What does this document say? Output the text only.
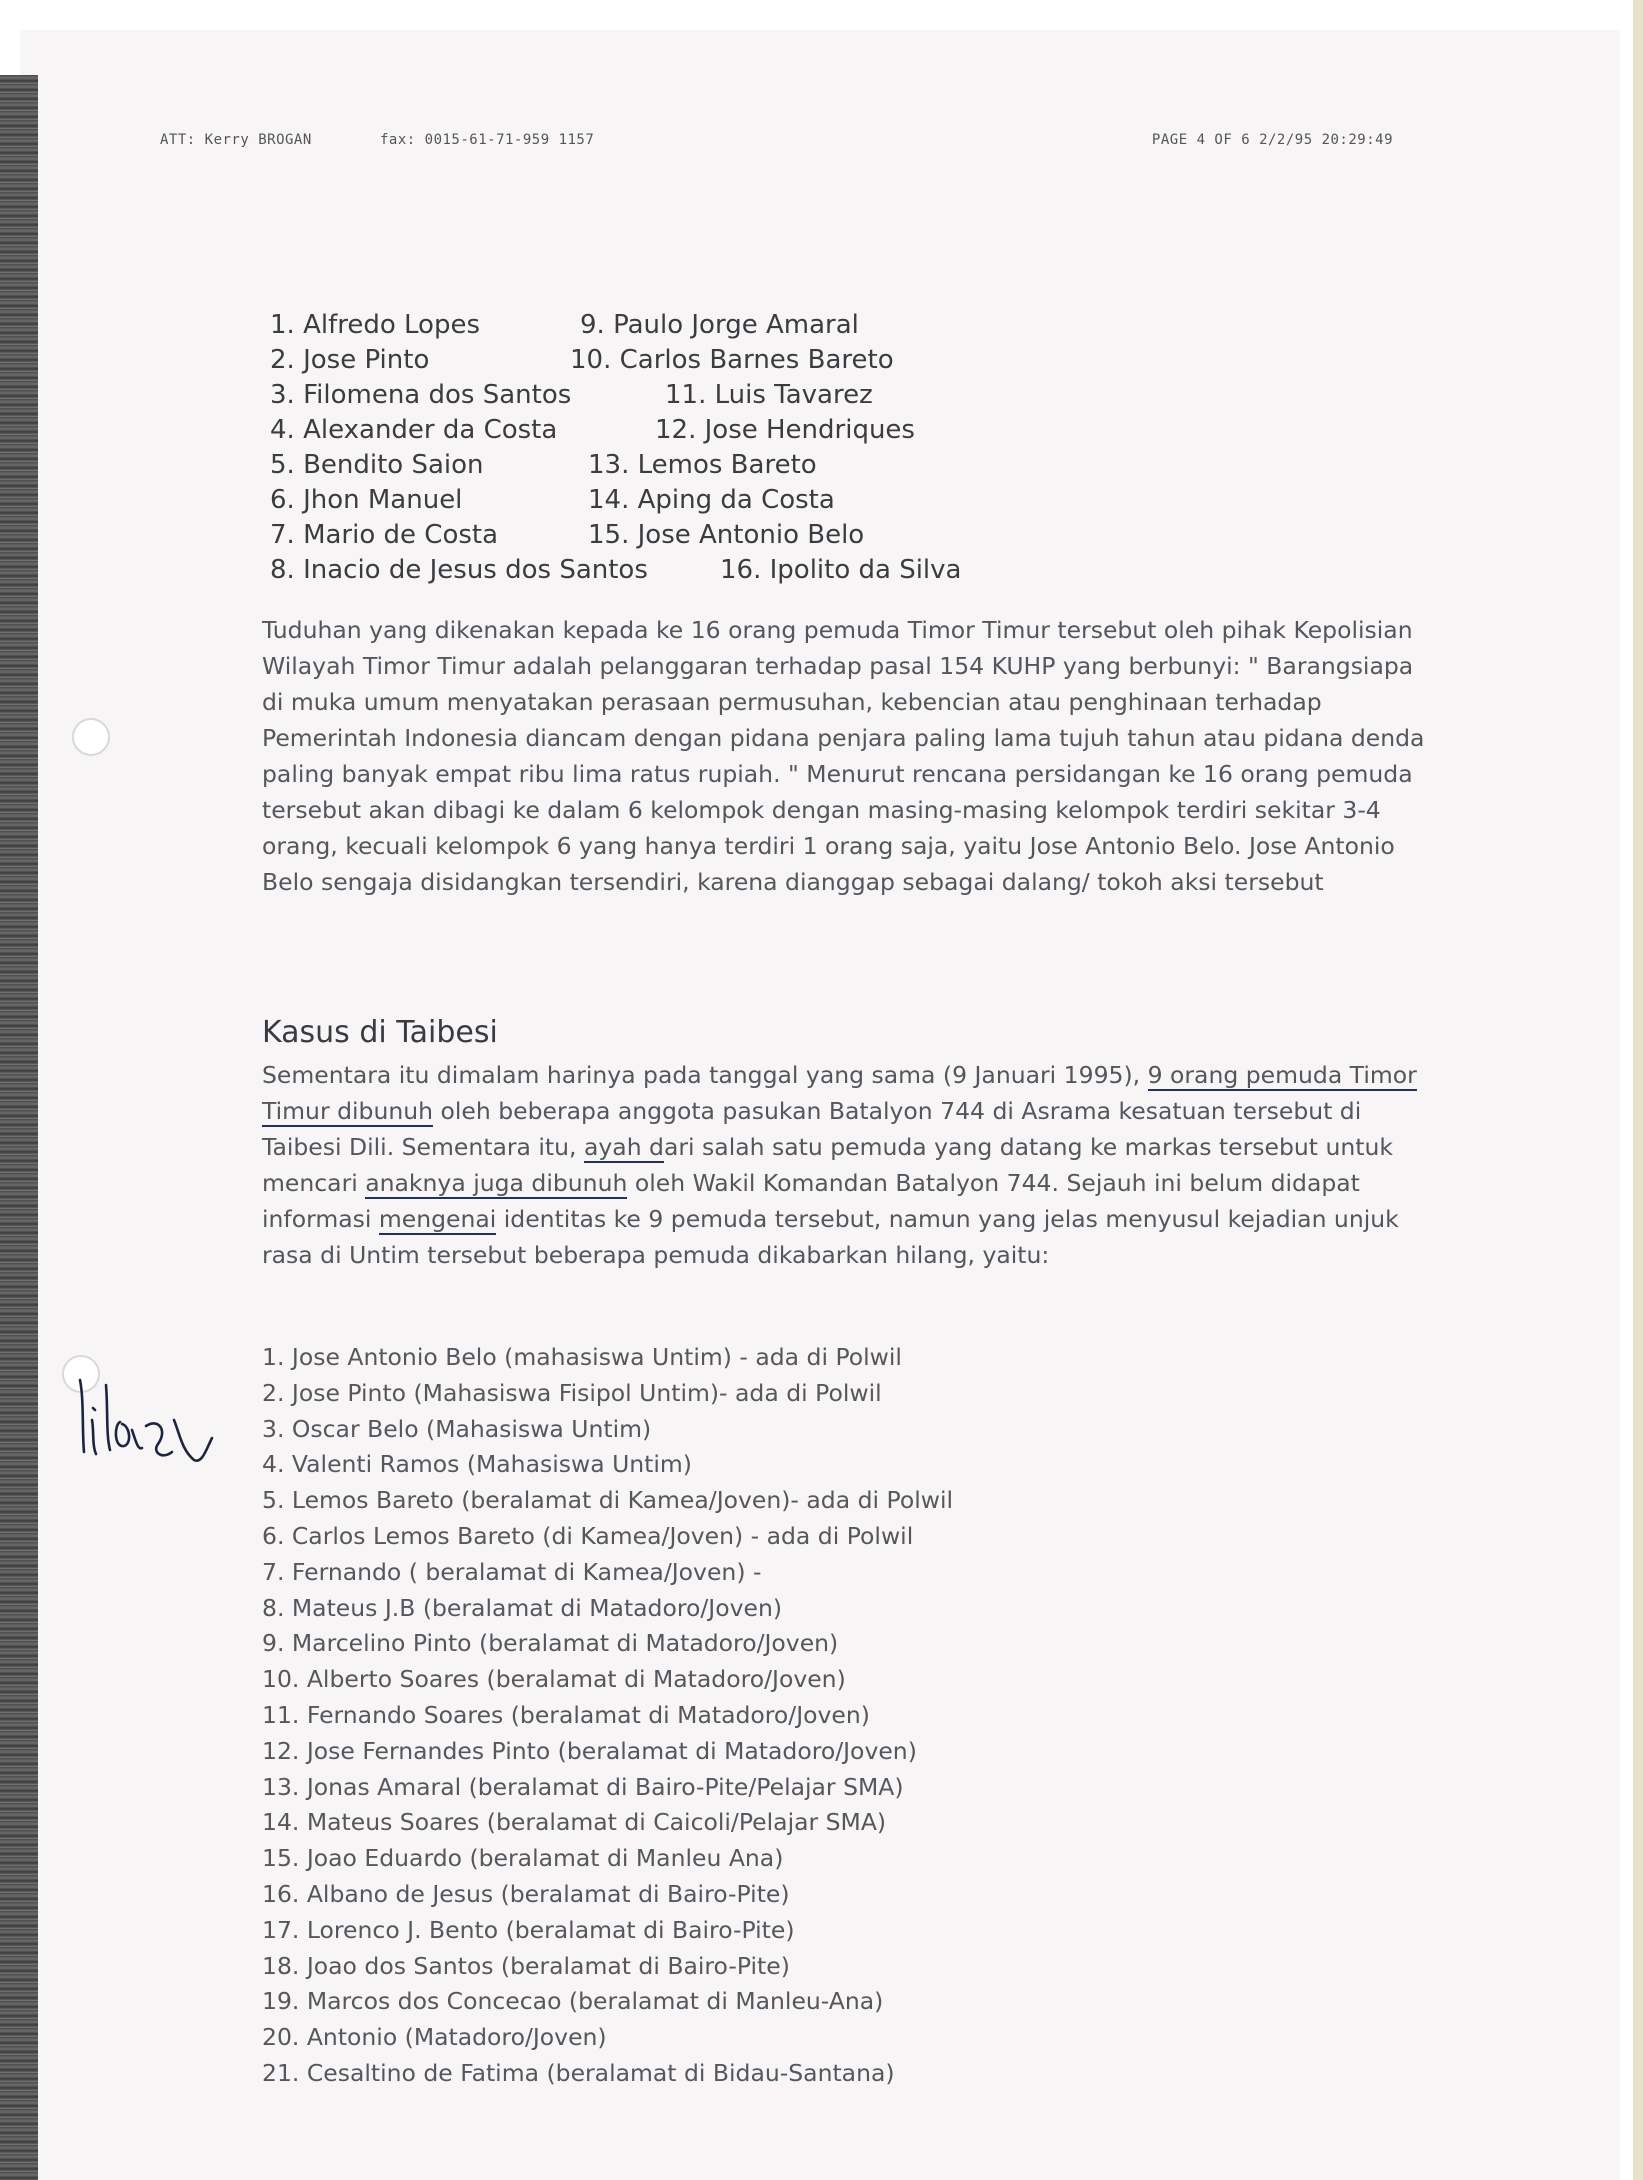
ATT: Kerry BROGAN	fax: 0015-61-71-959 1157	PAGE 4 OF 6 2/2/95 20:29:49
1. Alfredo Lopes	9. Paulo Jorge Amaral
2. Jose Pinto	10. Carlos Barnes Bareto
3. Filomena dos Santos	11. Luis Tavarez
4. Alexander da Costa	12. Jose Hendriques
5. Bendito Saion	13. Lemos Bareto
6. Jhon Manuel	14. Aping da Costa
7. Mario de Costa	15. Jose Antonio Belo
8. Inacio de Jesus dos Santos	16. Ipolito da Silva

Tuduhan yang dikenakan kepada ke 16 orang pemuda Timor Timur tersebut oleh pihak Kepolisian Wilayah Timor Timur adalah pelanggaran terhadap pasal 154 KUHP yang berbunyi: " Barangsiapa di muka umum menyatakan perasaan permusuhan, kebencian atau penghinaan terhadap Pemerintah Indonesia diancam dengan pidana penjara paling lama tujuh tahun atau pidana denda paling banyak empat ribu lima ratus rupiah. " Menurut rencana persidangan ke 16 orang pemuda tersebut akan dibagi ke dalam 6 kelompok dengan masing-masing kelompok terdiri sekitar 3-4 orang, kecuali kelompok 6 yang hanya terdiri 1 orang saja, yaitu Jose Antonio Belo. Jose Antonio Belo sengaja disidangkan tersendiri, karena dianggap sebagai dalang/ tokoh aksi tersebut

Kasus di Taibesi

Sementara itu dimalam harinya pada tanggal yang sama (9 Januari 1995), 9 orang pemuda Timor Timur dibunuh oleh beberapa anggota pasukan Batalyon 744 di Asrama kesatuan tersebut di Taibesi Dili. Sementara itu, ayah dari salah satu pemuda yang datang ke markas tersebut untuk mencari anaknya juga dibunuh oleh Wakil Komandan Batalyon 744. Sejauh ini belum didapat informasi mengenai identitas ke 9 pemuda tersebut, namun yang jelas menyusul kejadian unjuk rasa di Untim tersebut beberapa pemuda dikabarkan hilang, yaitu:

1. Jose Antonio Belo (mahasiswa Untim) - ada di Polwil
2. Jose Pinto (Mahasiswa Fisipol Untim)- ada di Polwil
3. Oscar Belo (Mahasiswa Untim)
4. Valenti Ramos (Mahasiswa Untim)
5. Lemos Bareto (beralamat di Kamea/Joven)- ada di Polwil
6. Carlos Lemos Bareto (di Kamea/Joven) - ada di Polwil
7. Fernando ( beralamat di Kamea/Joven) -
8. Mateus J.B (beralamat di Matadoro/Joven)
9. Marcelino Pinto (beralamat di Matadoro/Joven)
10. Alberto Soares (beralamat di Matadoro/Joven)
11. Fernando Soares (beralamat di Matadoro/Joven)
12. Jose Fernandes Pinto (beralamat di Matadoro/Joven)
13. Jonas Amaral (beralamat di Bairo-Pite/Pelajar SMA)
14. Mateus Soares (beralamat di Caicoli/Pelajar SMA)
15. Joao Eduardo (beralamat di Manleu Ana)
16. Albano de Jesus (beralamat di Bairo-Pite)
17. Lorenco J. Bento (beralamat di Bairo-Pite)
18. Joao dos Santos (beralamat di Bairo-Pite)
19. Marcos dos Concecao (beralamat di Manleu-Ana)
20. Antonio (Matadoro/Joven)
21. Cesaltino de Fatima (beralamat di Bidau-Santana)
